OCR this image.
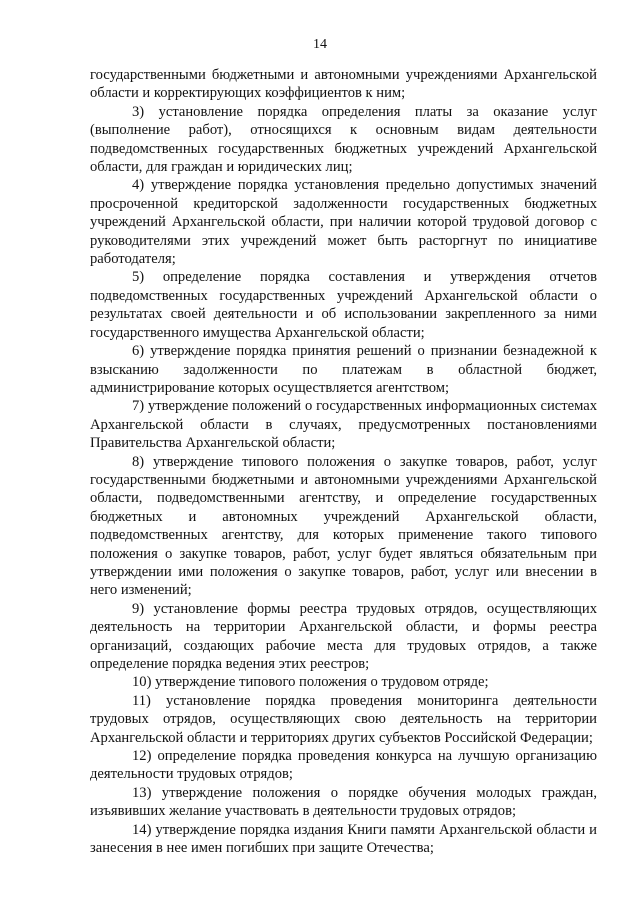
14

государственными бюджетными и автономными учреждениями Архангельской области и корректирующих коэффициентов к ним;

3) установление порядка определения платы за оказание услуг (выполнение работ), относящихся к основным видам деятельности подведомственных государственных бюджетных учреждений Архангельской области, для граждан и юридических лиц;

4) утверждение порядка установления предельно допустимых значений просроченной кредиторской задолженности государственных бюджетных учреждений Архангельской области, при наличии которой трудовой договор с руководителями этих учреждений может быть расторгнут по инициативе работодателя;

5) определение порядка составления и утверждения отчетов подведомственных государственных учреждений Архангельской области о результатах своей деятельности и об использовании закрепленного за ними государственного имущества Архангельской области;

6) утверждение порядка принятия решений о признании безнадежной к взысканию задолженности по платежам в областной бюджет, администрирование которых осуществляется агентством;

7) утверждение положений о государственных информационных системах Архангельской области в случаях, предусмотренных постановлениями Правительства Архангельской области;

8) утверждение типового положения о закупке товаров, работ, услуг государственными бюджетными и автономными учреждениями Архангельской области, подведомственными агентству, и определение государственных бюджетных и автономных учреждений Архангельской области, подведомственных агентству, для которых применение такого типового положения о закупке товаров, работ, услуг будет являться обязательным при утверждении ими положения о закупке товаров, работ, услуг или внесении в него изменений;

9) установление формы реестра трудовых отрядов, осуществляющих деятельность на территории Архангельской области, и формы реестра организаций, создающих рабочие места для трудовых отрядов, а также определение порядка ведения этих реестров;

10) утверждение типового положения о трудовом отряде;

11) установление порядка проведения мониторинга деятельности трудовых отрядов, осуществляющих свою деятельность на территории Архангельской области и территориях других субъектов Российской Федерации;

12) определение порядка проведения конкурса на лучшую организацию деятельности трудовых отрядов;

13) утверждение положения о порядке обучения молодых граждан, изъявивших желание участвовать в деятельности трудовых отрядов;

14) утверждение порядка издания Книги памяти Архангельской области и занесения в нее имен погибших при защите Отечества;
